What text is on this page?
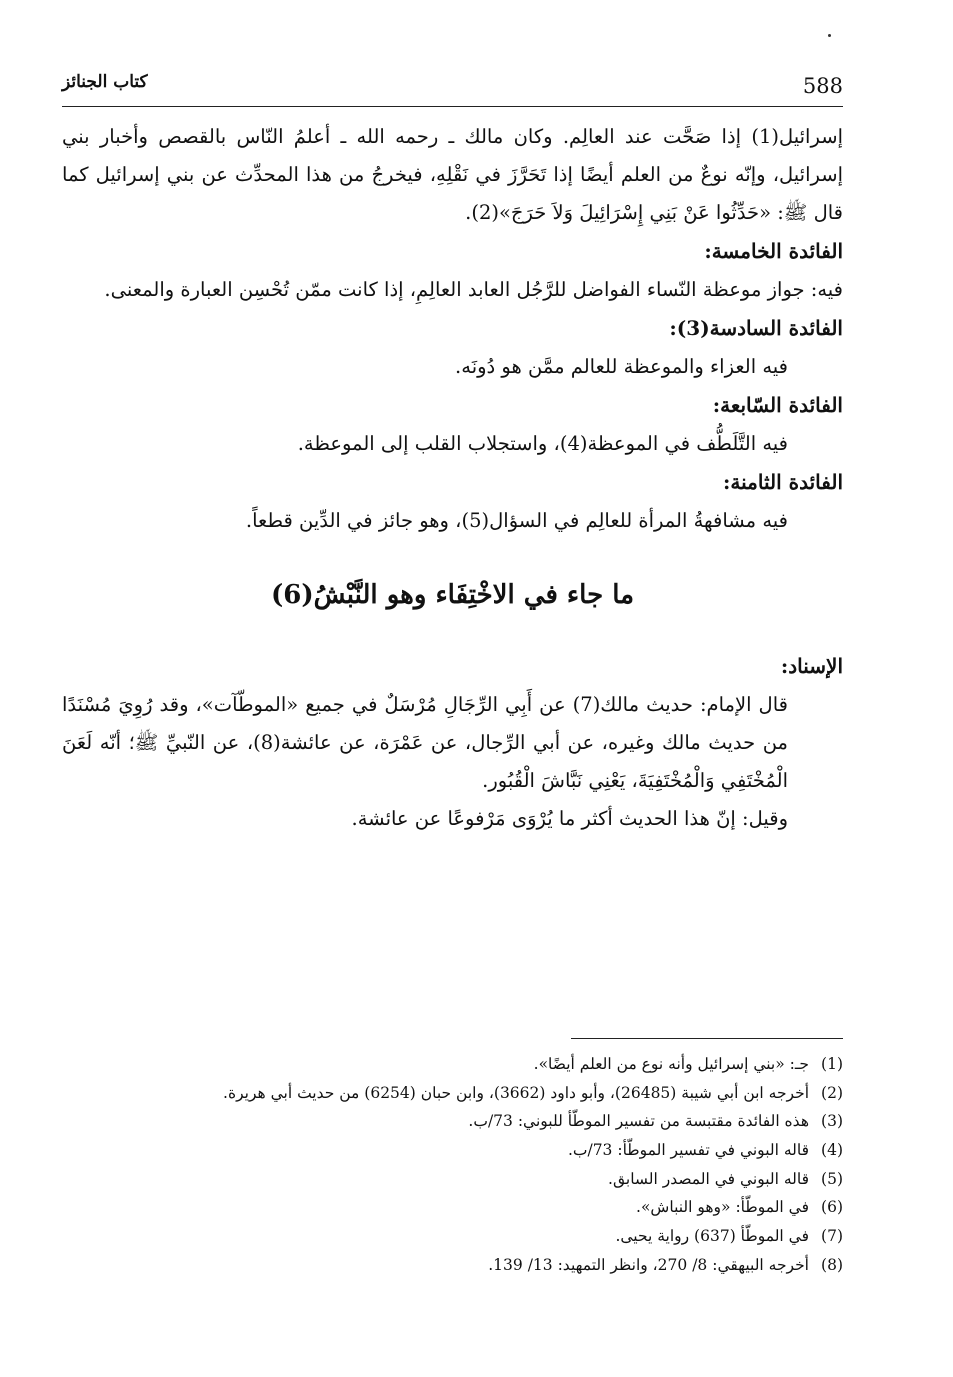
588
كتاب الجنائز

إسرائيل(1) إذا صَحَّت عند العالِم. وكان مالك ـ رحمه الله ـ أعلمُ النّاس بالقصص وأخبار بني إسرائيل، وإنّه نوعٌ من العلم أيضًا إذا تَحَرَّزَ في نَقْلِهِ، فيخرجُ من هذا المحدِّث عن بني إسرائيل كما قال ﷺ: «حَدِّثُوا عَنْ بَنِي إِسْرَائِيلَ وَلاَ حَرَجَ»(2).

الفائدة الخامسة:

فيه: جواز موعظة النّساء الفواضل للرَّجُل العابد العالِمِ، إذا كانت ممّن تُحْسِن العبارة والمعنى.

الفائدة السادسة(3):

فيه العزاء والموعظة للعالم ممَّن هو دُونَه.

الفائدة السّابعة:

فيه التَّلَطُّف في الموعظة(4)، واستجلاب القلب إلى الموعظة.

الفائدة الثامنة:

فيه مشافهةُ المرأة للعالِم في السؤال(5)، وهو جائز في الدِّين قطعاً.

ما جاء في الاخْتِفَاء وهو النَّبْشُ(6)

الإسناد:

قال الإمام: حديث مالك(7) عن أَبِي الرِّجَالِ مُرْسَلٌ في جميع «الموطّآت»، وقد رُوِيَ مُسْنَدًا من حديث مالك وغيره، عن أبي الرِّجال، عن عَمْرَة، عن عائشة(8)، عن النّبيِّ ﷺ؛ أنّه لَعَنَ الْمُخْتَفِي وَالْمُخْتَفِيَةَ، يَعْنِي نَبَّاشَ الْقُبُور.

وقيل: إنّ هذا الحديث أكثر ما يُرْوَى مَرْفوعًا عن عائشة.

(1)
جـ: «بني إسرائيل وأنه نوع من العلم أيضًا».

(2)
أخرجه ابن أبي شيبة (26485)، وأبو داود (3662)، وابن حبان (6254) من حديث أبي هريرة.

(3)
هذه الفائدة مقتبسة من تفسير الموطّأ للبوني: 73/ب.

(4)
قاله البوني في تفسير الموطّأ: 73/ب.

(5)
قاله البوني في المصدر السابق.

(6)
في الموطّأ: «وهو النباش».

(7)
في الموطّأ (637) رواية يحيى.

(8)
أخرجه البيهقي: 8/ 270، وانظر التمهيد: 13/ 139.
